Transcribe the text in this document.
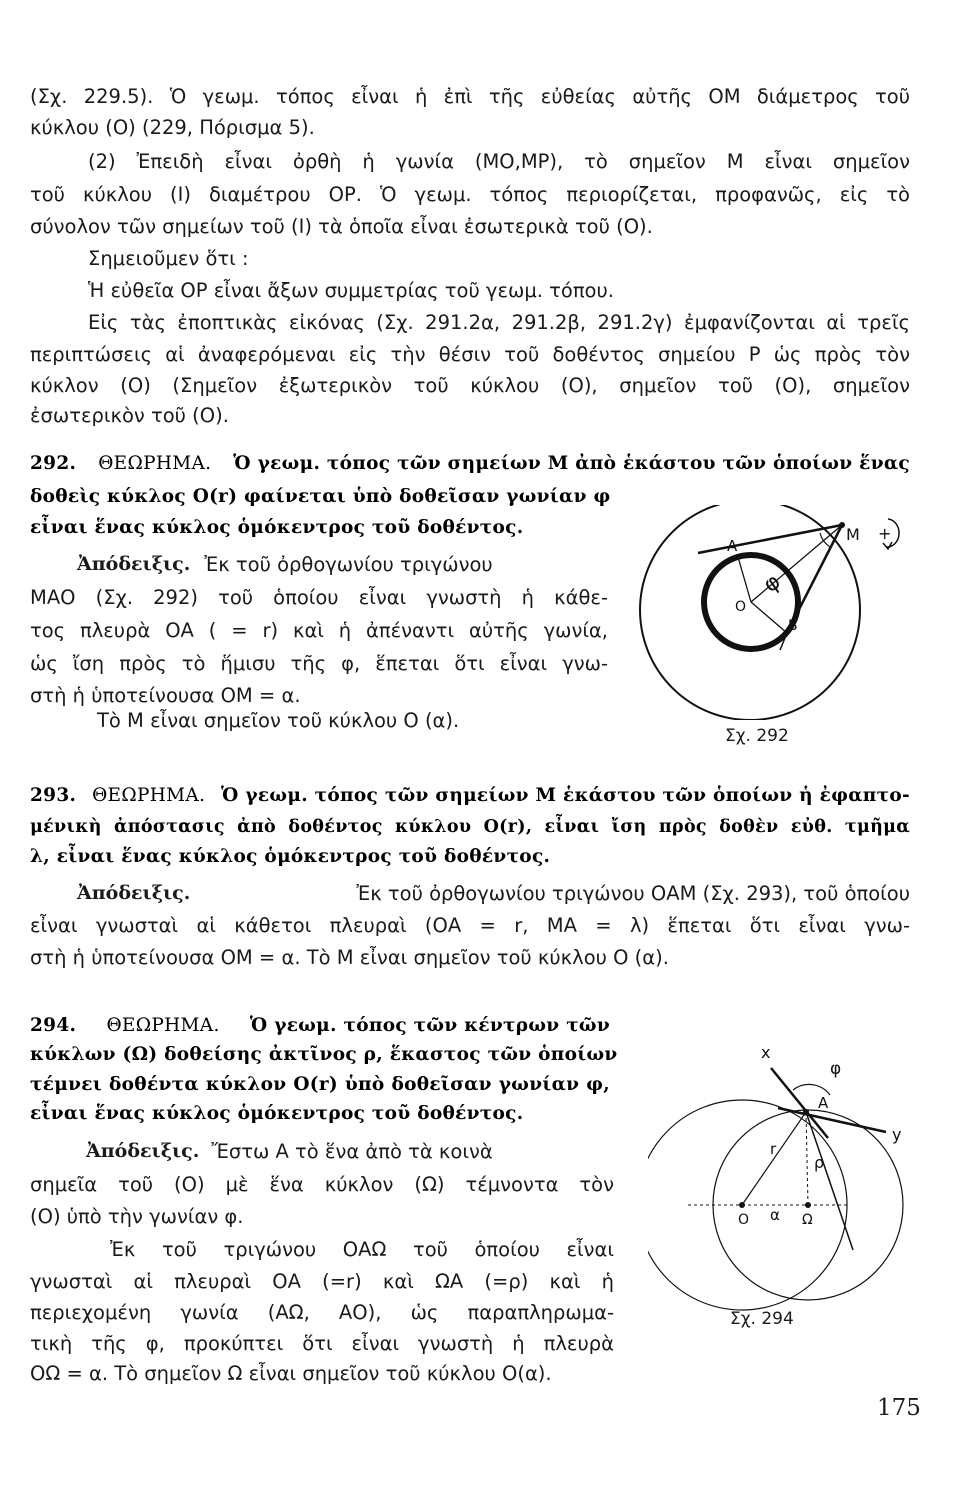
(Σχ. 229.5). Ὁ γεωμ. τόπος εἶναι ἡ ἐπὶ τῆς εὐθείας αὐτῆς ΟΜ διάμετρος τοῦ

κύκλου (Ο) (229, Πόρισμα 5).

(2) Ἐπειδὴ εἶναι ὀρθὴ ἡ γωνία (ΜΟ,ΜΡ), τὸ σημεῖον Μ εἶναι σημεῖον

τοῦ κύκλου (Ι) διαμέτρου ΟΡ. Ὁ γεωμ. τόπος περιορίζεται, προφανῶς, εἰς τὸ

σύνολον τῶν σημείων τοῦ (Ι) τὰ ὁποῖα εἶναι ἐσωτερικὰ τοῦ (Ο).

Σημειοῦμεν ὅτι :

Ἡ εὐθεῖα ΟΡ εἶναι ἄξων συμμετρίας τοῦ γεωμ. τόπου.

Εἰς τὰς ἐποπτικὰς εἰκόνας (Σχ. 291.2α, 291.2β, 291.2γ) ἐμφανίζονται αἱ τρεῖς

περιπτώσεις αἱ ἀναφερόμεναι εἰς τὴν θέσιν τοῦ δοθέντος σημείου Ρ ὡς πρὸς τὸν

κύκλον (Ο) (Σημεῖον ἐξωτερικὸν τοῦ κύκλου (Ο), σημεῖον τοῦ (Ο), σημεῖον

ἐσωτερικὸν τοῦ (Ο).

292. ΘΕΩΡΗΜΑ. Ὁ γεωμ. τόπος τῶν σημείων Μ ἀπὸ ἑκάστου τῶν ὁποίων ἕνας

δοθεὶς κύκλος Ο(r) φαίνεται ὑπὸ δοθεῖσαν γωνίαν φ

εἶναι ἕνας κύκλος ὁμόκεντρος τοῦ δοθέντος.

Ἀπόδειξις. Ἐκ τοῦ ὀρθογωνίου τριγώνου

ΜΑΟ (Σχ. 292) τοῦ ὁποίου εἶναι γνωστὴ ἡ κάθε-

τος πλευρὰ ΟΑ ( = r) καὶ ἡ ἀπέναντι αὐτῆς γωνία,

ὡς ἴση πρὸς τὸ ἥμισυ τῆς φ, ἕπεται ὅτι εἶναι γνω-

στὴ ἡ ὑποτείνουσα ΟΜ = α.

Τὸ Μ εἶναι σημεῖον τοῦ κύκλου Ο (α).

Α
Ο
Β
Μ
φ
+
Σχ. 292

293. ΘΕΩΡΗΜΑ. Ὁ γεωμ. τόπος τῶν σημείων Μ ἑκάστου τῶν ὁποίων ἡ ἐφαπτο-

μένικὴ ἀπόστασις ἀπὸ δοθέντος κύκλου Ο(r), εἶναι ἴση πρὸς δοθὲν εὐθ. τμῆμα

λ, εἶναι ἕνας κύκλος ὁμόκεντρος τοῦ δοθέντος.

Ἀπόδειξις.	Ἐκ τοῦ ὀρθογωνίου τριγώνου ΟΑΜ (Σχ. 293), τοῦ ὁποίου

εἶναι γνωσταὶ αἱ κάθετοι πλευραὶ (ΟΑ = r, ΜΑ = λ) ἕπεται ὅτι εἶναι γνω-

στὴ ἡ ὑποτείνουσα ΟΜ = α. Τὸ Μ εἶναι σημεῖον τοῦ κύκλου Ο (α).

294. ΘΕΩΡΗΜΑ. Ὁ γεωμ. τόπος τῶν κέντρων τῶν

κύκλων (Ω) δοθείσης ἀκτῖνος ρ, ἕκαστος τῶν ὁποίων

τέμνει δοθέντα κύκλον Ο(r) ὑπὸ δοθεῖσαν γωνίαν φ,

εἶναι ἕνας κύκλος ὁμόκεντρος τοῦ δοθέντος.

Ἀπόδειξις. Ἔστω Α τὸ ἕνα ἀπὸ τὰ κοινὰ

σημεῖα τοῦ (Ο) μὲ ἕνα κύκλον (Ω) τέμνοντα τὸν

(Ο) ὑπὸ τὴν γωνίαν φ.

Ἐκ τοῦ τριγώνου ΟΑΩ τοῦ ὁποίου εἶναι

γνωσταὶ αἱ πλευραὶ ΟΑ (=r) καὶ ΩΑ (=ρ) καὶ ἡ

περιεχομένη γωνία (ΑΩ, ΑΟ), ὡς παραπληρωμα-

τικὴ τῆς φ, προκύπτει ὅτι εἶναι γνωστὴ ἡ πλευρὰ

ΟΩ = α. Τὸ σημεῖον Ω εἶναι σημεῖον τοῦ κύκλου Ο(α).

x
φ
Α
y
r
ρ
Ο α Ω
Σχ. 294
175
